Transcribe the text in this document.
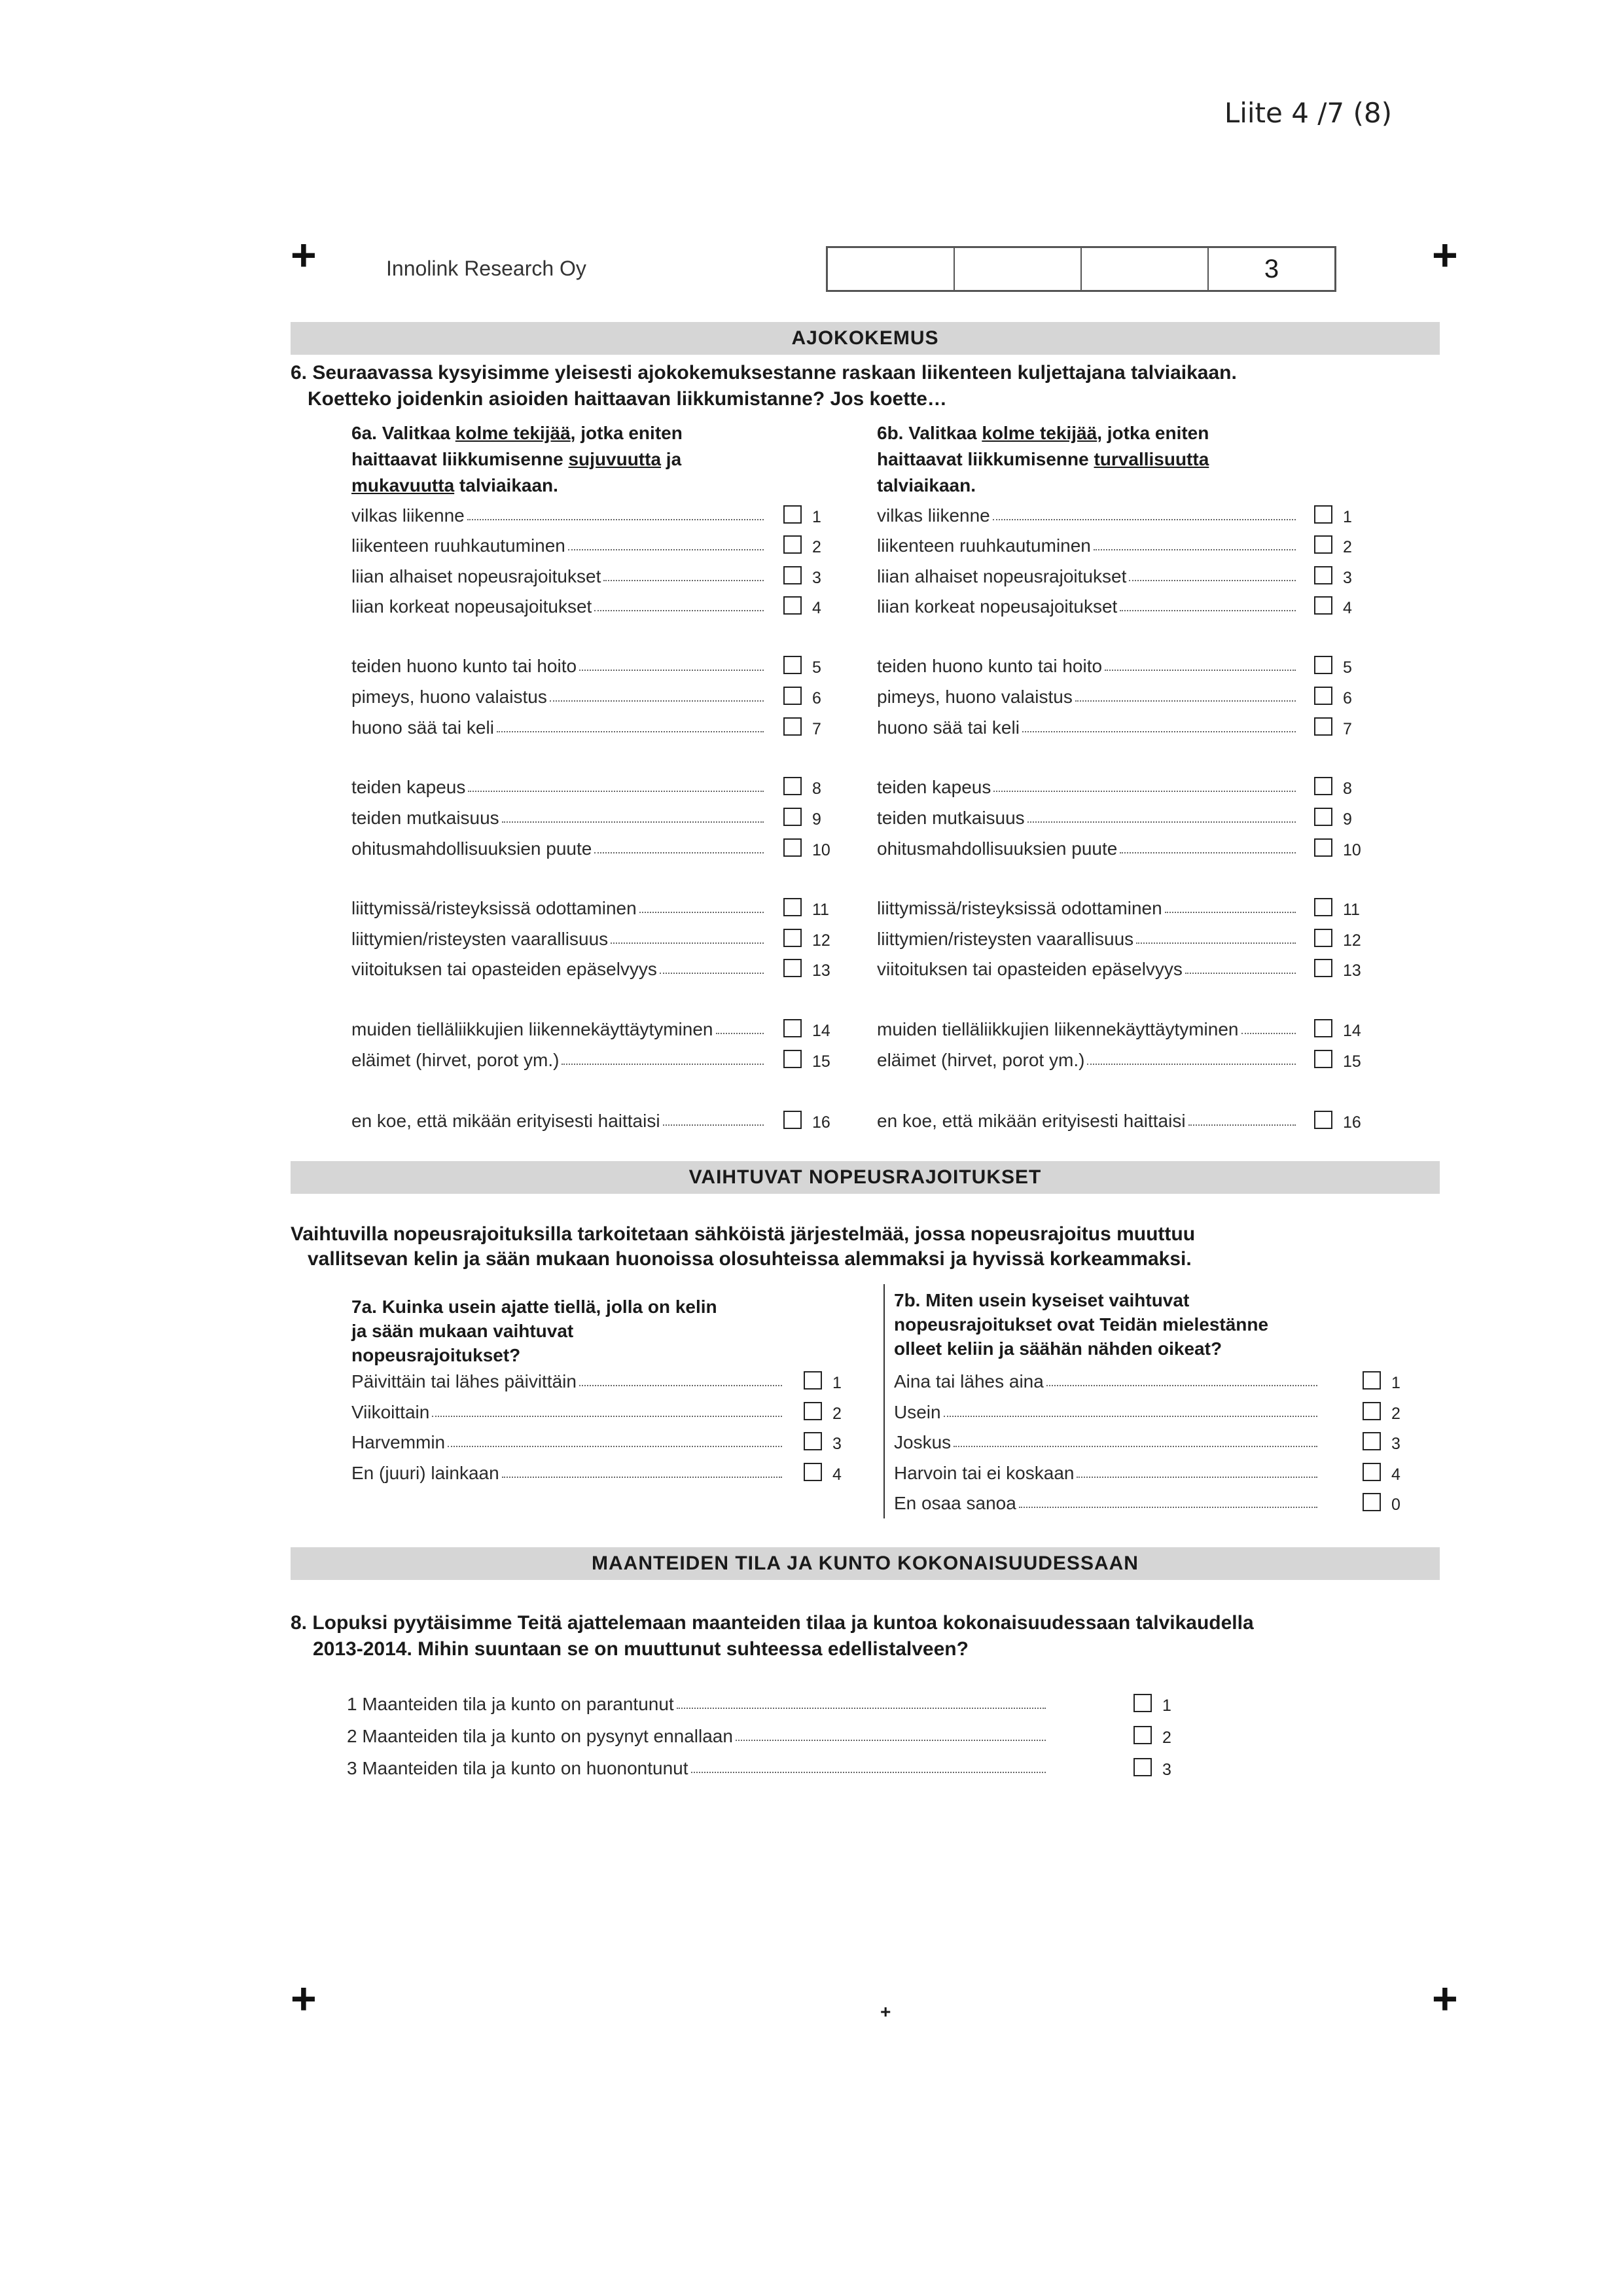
Liite 4 /7 (8)
+	+
Innolink Research Oy	3
AJOKOKEMUS
6. Seuraavassa kysyisimme yleisesti ajokokemuksestanne raskaan liikenteen kuljettajana talviaikaan.
Koetteko joidenkin asioiden haittaavan liikkumistanne? Jos koette…
6a. Valitkaa kolme tekijää, jotka eniten
haittaavat liikkumisenne sujuvuutta ja
mukavuutta talviaikaan.
6b. Valitkaa kolme tekijää, jotka eniten
haittaavat liikkumisenne turvallisuutta
talviaikaan.
vilkas liikenne	1
liikenteen ruuhkautuminen	2
liian alhaiset nopeusrajoitukset	3
liian korkeat nopeusajoitukset	4
teiden huono kunto tai hoito	5
pimeys, huono valaistus	6
huono sää tai keli	7
teiden kapeus	8
teiden mutkaisuus	9
ohitusmahdollisuuksien puute	10
liittymissä/risteyksissä odottaminen	11
liittymien/risteysten vaarallisuus	12
viitoituksen tai opasteiden epäselvyys	13
muiden tielläliikkujien liikennekäyttäytyminen	14
eläimet (hirvet, porot ym.)	15
en koe, että mikään erityisesti haittaisi	16
vilkas liikenne	1
liikenteen ruuhkautuminen	2
liian alhaiset nopeusrajoitukset	3
liian korkeat nopeusajoitukset	4
teiden huono kunto tai hoito	5
pimeys, huono valaistus	6
huono sää tai keli	7
teiden kapeus	8
teiden mutkaisuus	9
ohitusmahdollisuuksien puute	10
liittymissä/risteyksissä odottaminen	11
liittymien/risteysten vaarallisuus	12
viitoituksen tai opasteiden epäselvyys	13
muiden tielläliikkujien liikennekäyttäytyminen	14
eläimet (hirvet, porot ym.)	15
en koe, että mikään erityisesti haittaisi	16
VAIHTUVAT NOPEUSRAJOITUKSET
Vaihtuvilla nopeusrajoituksilla tarkoitetaan sähköistä järjestelmää, jossa nopeusrajoitus muuttuu
vallitsevan kelin ja sään mukaan huonoissa olosuhteissa alemmaksi ja hyvissä korkeammaksi.
7a. Kuinka usein ajatte tiellä, jolla on kelin
ja sään mukaan vaihtuvat
nopeusrajoitukset?
7b. Miten usein kyseiset vaihtuvat
nopeusrajoitukset ovat Teidän mielestänne
olleet keliin ja säähän nähden oikeat?
Päivittäin tai lähes päivittäin	1
Viikoittain	2
Harvemmin	3
En (juuri) lainkaan	4
Aina tai lähes aina	1
Usein	2
Joskus	3
Harvoin tai ei koskaan	4
En osaa sanoa	0
MAANTEIDEN TILA JA KUNTO KOKONAISUUDESSAAN
8. Lopuksi pyytäisimme Teitä ajattelemaan maanteiden tilaa ja kuntoa kokonaisuudessaan talvikaudella
2013-2014. Mihin suuntaan se on muuttunut suhteessa edellistalveen?
1 Maanteiden tila ja kunto on parantunut	1
2 Maanteiden tila ja kunto on pysynyt ennallaan	2
3 Maanteiden tila ja kunto on huonontunut	3
+	+
+
